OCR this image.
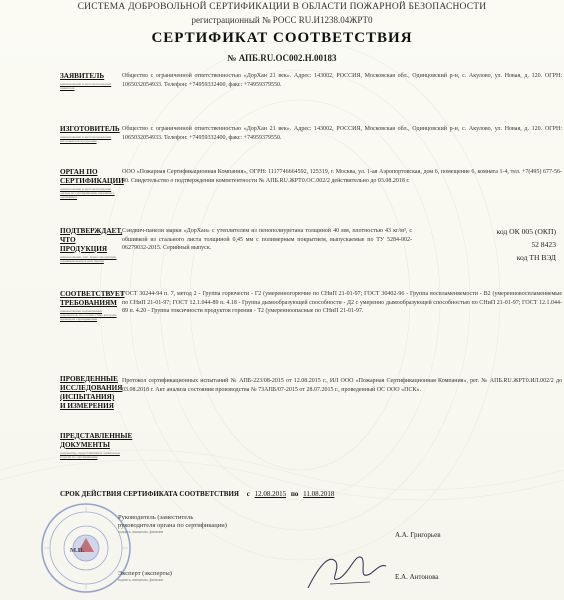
СИСТЕМА ДОБРОВОЛЬНОЙ СЕРТИФИКАЦИИ В ОБЛАСТИ ПОЖАРНОЙ БЕЗОПАСНОСТИ
регистрационный № РОСС RU.И1238.04ЖРТ0
СЕРТИФИКАТ СООТВЕТСТВИЯ
№ АПБ.RU.ОС002.Н.00183
ЗАЯВИТЕЛЬ
наименование и местонахождение заявителя
Общество с ограниченной ответственностью «ДорХан 21 век». Адрес: 143002, РОССИЯ, Московская обл., Одинцовский р-н, с. Акулово, ул. Новая, д. 120. ОГРН: 1065032054933. Телефон: +74959332400, факс: +74959379550.
ИЗГОТОВИТЕЛЬ
наименование и местонахождение изготовителя продукции
Общество с ограниченной ответственностью «ДорХан 21 век». Адрес: 143002, РОССИЯ, Московская обл., Одинцовский р-н, с. Акулово, ул. Новая, д. 120. ОГРН: 1065032054933. Телефон: +74959332400, факс: +74959379550.
ОРГАН ПО СЕРТИФИКАЦИИ
наименование и местонахождение органа по сертификации, выдавшего сертификат
ООО «Пожарная Сертификационная Компания», ОГРН: 1117746664592, 125319, г. Москва, ул. 1-ая Аэропортовская, дом 6, помещение 6, комната 1-4, тел. +7(495) 677-56-40. Свидетельство о подтверждении компетентности № АПБ.RU.ЖРТ0.ОС.002/2 действительно до 03.08.2018 г.
ПОДТВЕРЖДАЕТ, ЧТО ПРОДУКЦИЯ
наименование, тип, марка продукции, серийный выпуск или партия
Сэндвич-панели марки «ДорХан» с утеплителем из пенополиуретана толщиной 40 мм, плотностью 43 кг/м³, с обшивкой из стального листа толщиной 0,45 мм с полимерным покрытием, выпускаемые по ТУ 5284-002-06279032-2015. Серийный выпуск.
код ОК 005 (ОКП)
52 8423
код ТН ВЭД
СООТВЕТСТВУЕТ ТРЕБОВАНИЯМ
наименование нормативных документов, на соответствие которым проведена сертификация
ГОСТ 30244-94 п. 7, метод 2 - Группа горючести - Г2 (умеренногорючие по СНиП 21-01-97; ГОСТ 30402-96 - Группа воспламеняемости - В2 (умеренновоспламеняемые по СНиП 21-01-97; ГОСТ 12.1.044-89 п. 4.18 - Группа дымообразующей способности - Д2 с умеренно дымообразующей способностью по СНиП 21-01-97; ГОСТ 12.1.044-89 п. 4.20 - Группа токсичности продуктов горения - Т2 (умеренноопасные по СНиП 21-01-97.
ПРОВЕДЕННЫЕ ИССЛЕДОВАНИЯ (ИСПЫТАНИЯ) И ИЗМЕРЕНИЯ
Протокол сертификационных испытаний № АПБ-223/08-2015 от 12.08.2015 г., ИЛ ООО «Пожарная Сертификационная Компания», рег. № АПБ.RU.ЖРТ0.ИЛ.002/2 до 03.08.2018 г. Акт анализа состояния производства № 73АПБ/07-2015 от 28.07.2015 г., проведенный ОС ООО «ПСК».
ПРЕДСТАВЛЕННЫЕ ДОКУМЕНТЫ
документы, представленные заявителем в орган по сертификации
СРОК ДЕЙСТВИЯ СЕРТИФИКАТА СООТВЕТСТВИЯ с 12.08.2015 по 11.08.2018
М.П.
Руководитель (заместитель руководителя органа по сертификации)
подпись, инициалы, фамилия	А.А. Григорьев
Эксперт (эксперты)
подпись, инициалы, фамилия	Е.А. Антонова
